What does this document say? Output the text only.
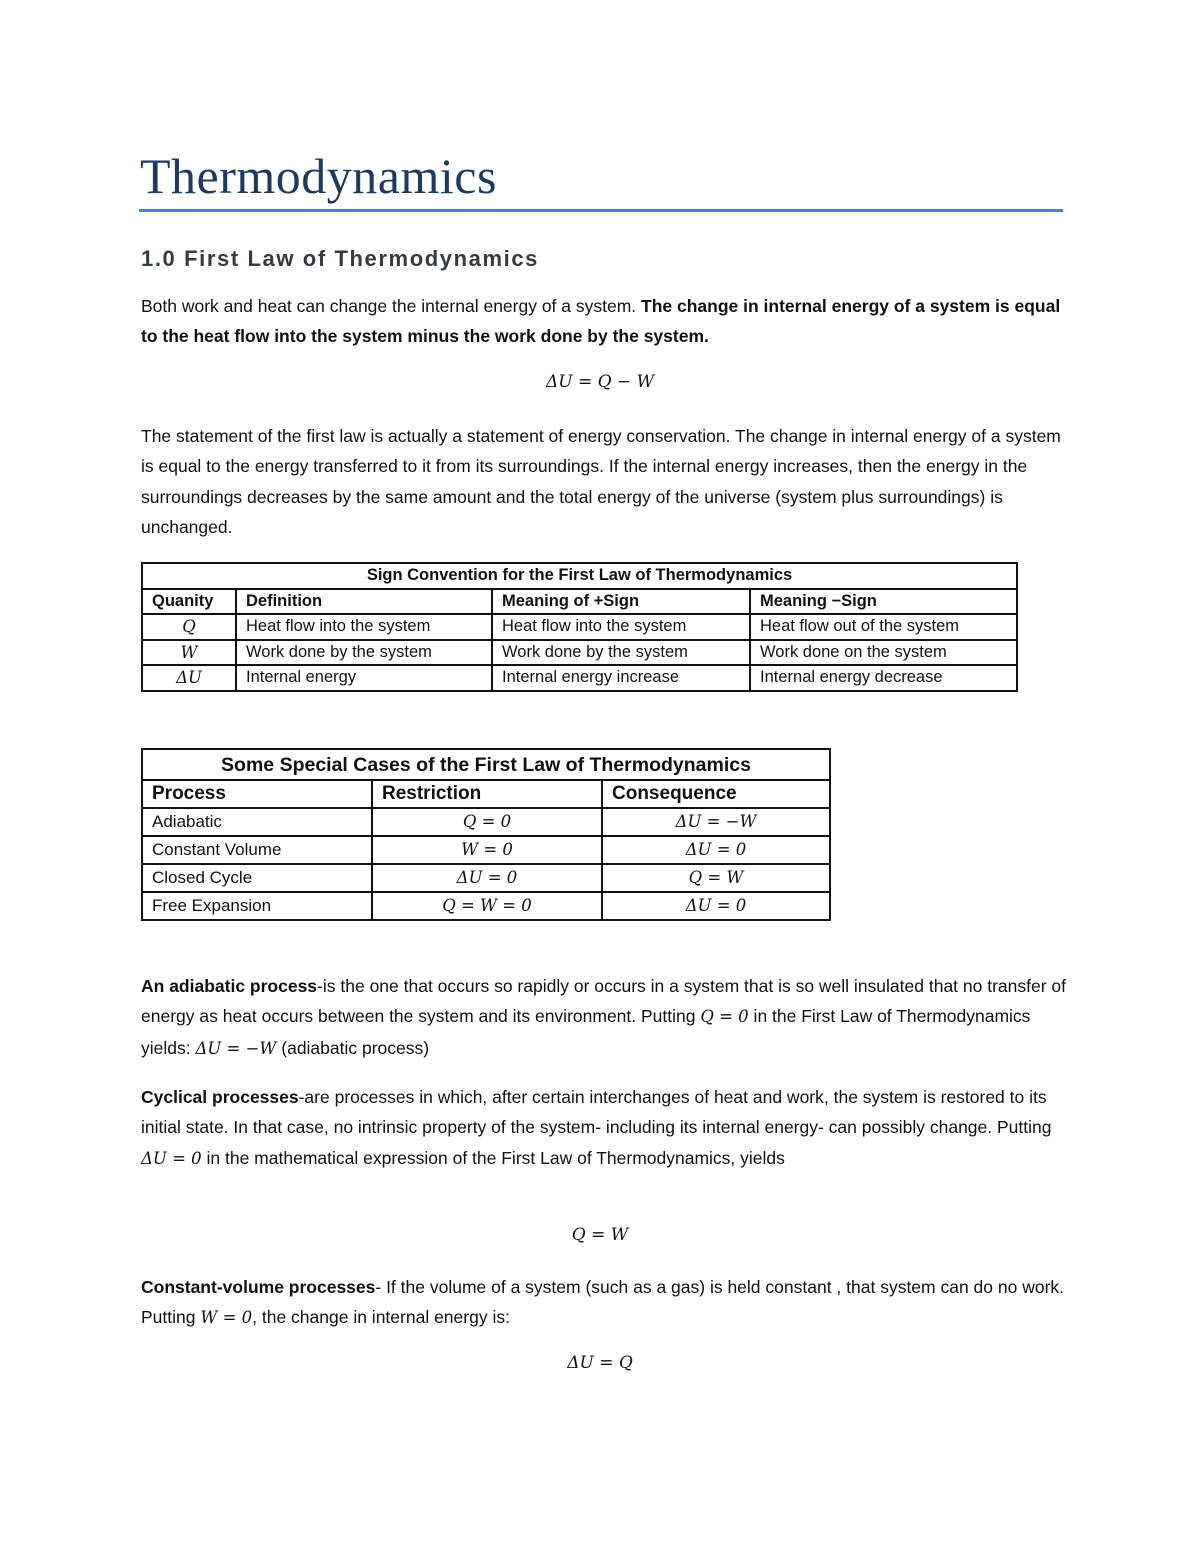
Thermodynamics
1.0 First Law of Thermodynamics

Both work and heat can change the internal energy of a system. The change in internal energy of a system is equal to the heat flow into the system minus the work done by the system.

ΔU = Q − W

The statement of the first law is actually a statement of energy conservation. The change in internal energy of a system is equal to the energy transferred to it from its surroundings. If the internal energy increases, then the energy in the surroundings decreases by the same amount and the total energy of the universe (system plus surroundings) is unchanged.

Sign Convention for the First Law of Thermodynamics			
Quanity	Definition	Meaning of +Sign	Meaning −Sign
Q	Heat flow into the system	Heat flow into the system	Heat flow out of the system
W	Work done by the system	Work done by the system	Work done on the system
ΔU	Internal energy	Internal energy increase	Internal energy decrease
Some Special Cases of the First Law of Thermodynamics		
Process	Restriction	Consequence
Adiabatic	Q = 0	ΔU = −W
Constant Volume	W = 0	ΔU = 0
Closed Cycle	ΔU = 0	Q = W
Free Expansion	Q = W = 0	ΔU = 0

An adiabatic process-is the one that occurs so rapidly or occurs in a system that is so well insulated that no transfer of energy as heat occurs between the system and its environment. Putting Q = 0 in the First Law of Thermodynamics yields: ΔU = −W (adiabatic process)

Cyclical processes-are processes in which, after certain interchanges of heat and work, the system is restored to its initial state. In that case, no intrinsic property of the system- including its internal energy- can possibly change. Putting ΔU = 0 in the mathematical expression of the First Law of Thermodynamics, yields

Q = W

Constant-volume processes- If the volume of a system (such as a gas) is held constant , that system can do no work. Putting W = 0, the change in internal energy is:

ΔU = Q
